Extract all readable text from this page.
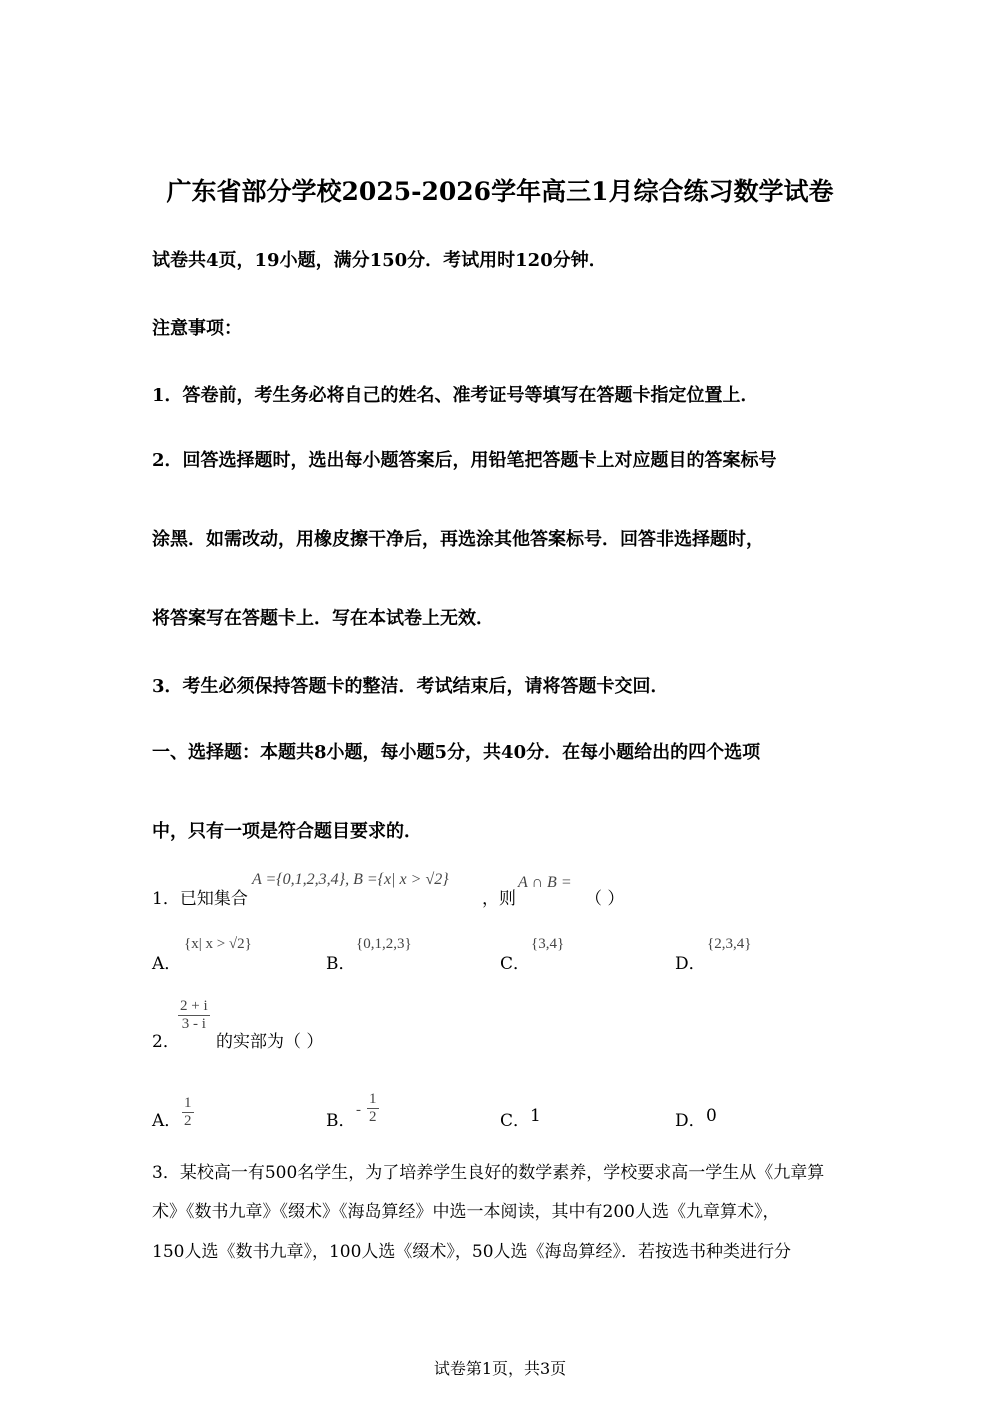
广东省部分学校2025-2026学年高三1月综合练习数学试卷
试卷共4页，19小题，满分150分．考试用时120分钟．
注意事项：
1．答卷前，考生务必将自己的姓名、准考证号等填写在答题卡指定位置上．
2．回答选择题时，选出每小题答案后，用铅笔把答题卡上对应题目的答案标号
涂黑．如需改动，用橡皮擦干净后，再选涂其他答案标号．回答非选择题时，
将答案写在答题卡上．写在本试卷上无效．
3．考生必须保持答题卡的整洁．考试结束后，请将答题卡交回．
一、选择题：本题共8小题，每小题5分，共40分．在每小题给出的四个选项
中，只有一项是符合题目要求的．
1．已知集合
A ={0,1,2,3,4}, B ={x| x > √2}
，则
A ∩ B =
（ ）
A．
{x| x > √2}
B．
{0,1,2,3}
C．
{3,4}
D．
{2,3,4}
2．
$\frac{2 + i}{3 - i}$
的实部为（ ）
A． $\frac{1}{2}$	B．
- $\frac{1}{2}$	C． 1	D． 0
3．某校高一有500名学生，为了培养学生良好的数学素养，学校要求高一学生从《九章算
术》《数书九章》《缀术》《海岛算经》中选一本阅读，其中有200人选《九章算术》，
150人选《数书九章》，100人选《缀术》，50人选《海岛算经》．若按选书种类进行分
试卷第1页，共3页
